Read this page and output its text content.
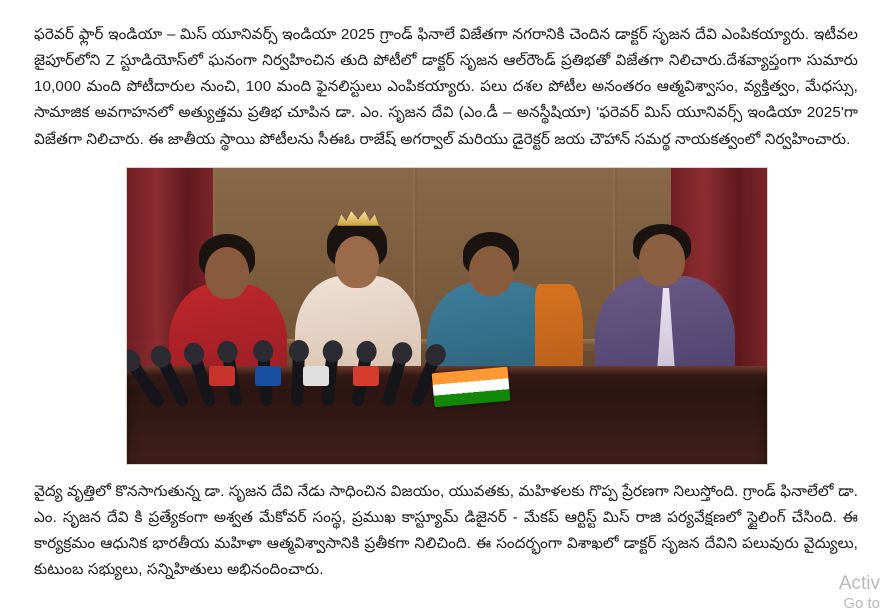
ఫరెవర్ ఫ్లార్ ఇండియా – మిస్ యూనివర్స్ ఇండియా 2025 గ్రాండ్ ఫినాలే విజేతగా నగరానికి చెందిన డాక్టర్ సృజన దేవి ఎంపికయ్యారు. ఇటీవల జైపూర్‌లోని Z స్టూడియోస్‌లో ఘనంగా నిర్వహించిన తుది పోటీలో డాక్టర్ సృజన ఆల్‌రౌండ్ ప్రతిభతో విజేతగా నిలిచారు.దేశవ్యాప్తంగా సుమారు 10,000 మంది పోటీదారుల నుంచి, 100 మంది ఫైనలిస్టులు ఎంపికయ్యారు. పలు దశల పోటీల అనంతరం ఆత్మవిశ్వాసం, వ్యక్తిత్వం, మేధస్సు, సామాజిక అవగాహనలో అత్యుత్తమ ప్రతిభ చూపిన డా. ఎం. సృజన దేవి (ఎం.డీ – అనస్థీషియా) 'ఫరెవర్ మిస్ యూనివర్స్ ఇండియా 2025'గా విజేతగా నిలిచారు. ఈ జాతీయ స్థాయి పోటీలను సీఈఓ రాజేష్ అగర్వాల్ మరియు డైరెక్టర్ జయ చౌహాన్ సమర్థ నాయకత్వంలో నిర్వహించారు.

వైద్య వృత్తిలో కొనసాగుతున్న డా. సృజన దేవి నేడు సాధించిన విజయం, యువతకు, మహిళలకు గొప్ప ప్రేరణగా నిలుస్తోంది. గ్రాండ్ ఫినాలేలో డా. ఎం. సృజన దేవి కి ప్రత్యేకంగా అశ్వత మేకోవర్ సంస్థ, ప్రముఖ కాస్ట్యూమ్ డిజైనర్ - మేకప్ ఆర్టిస్ట్ మిస్ రాజి పర్యవేక్షణలో స్టైలింగ్ చేసింది. ఈ కార్యక్రమం ఆధునిక భారతీయ మహిళా ఆత్మవిశ్వాసానికి ప్రతీకగా నిలిచింది. ఈ సందర్భంగా విశాఖలో డాక్టర్ సృజన దేవిని పలువురు వైద్యులు, కుటుంబ సభ్యులు, సన్నిహితులు అభినందించారు.

Activ
Go to
